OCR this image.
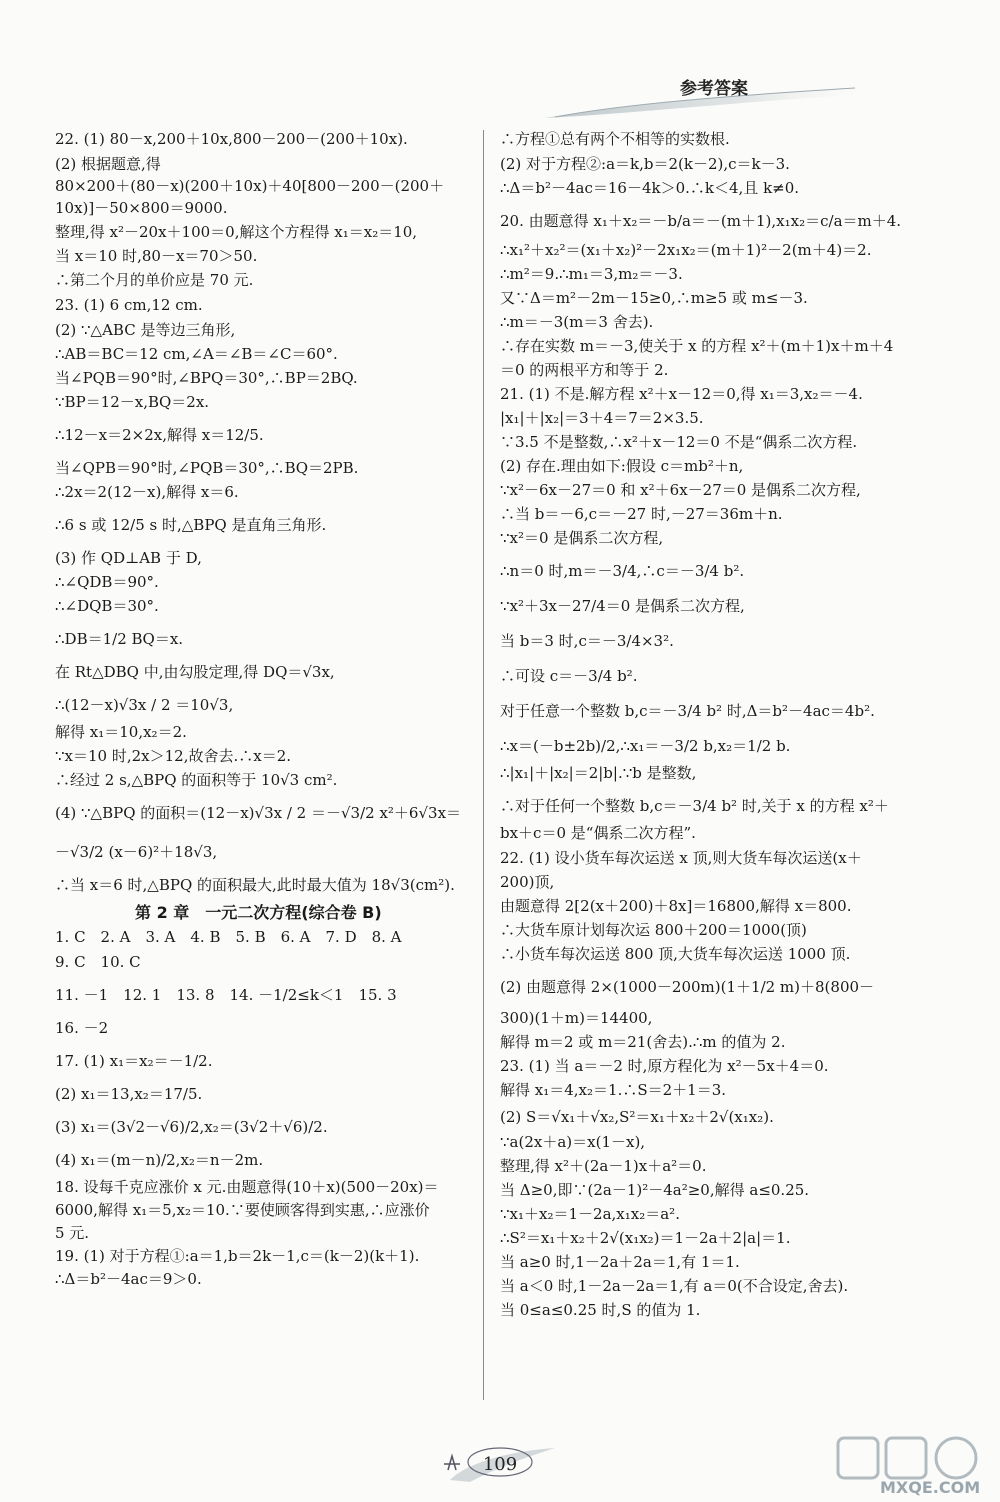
参考答案
22. (1) 80－x,200＋10x,800－200－(200＋10x).
(2) 根据题意,得
80×200＋(80－x)(200＋10x)＋40[800－200－(200＋
10x)]－50×800＝9000.
整理,得 x²－20x＋100＝0,解这个方程得 x₁＝x₂＝10,
当 x＝10 时,80－x＝70＞50.
∴第二个月的单价应是 70 元.
23. (1) 6 cm,12 cm.
(2) ∵△ABC 是等边三角形,
∴AB＝BC＝12 cm,∠A＝∠B＝∠C＝60°.
当∠PQB＝90°时,∠BPQ＝30°,∴BP＝2BQ.
∵BP＝12－x,BQ＝2x.
∴12－x＝2×2x,解得 x＝12/5.
当∠QPB＝90°时,∠PQB＝30°,∴BQ＝2PB.
∴2x＝2(12－x),解得 x＝6.
∴6 s 或 12/5 s 时,△BPQ 是直角三角形.
(3) 作 QD⊥AB 于 D,
∴∠QDB＝90°.
∴∠DQB＝30°.
∴DB＝1/2 BQ＝x.
在 Rt△DBQ 中,由勾股定理,得 DQ＝√3x,
∴(12－x)√3x / 2 ＝10√3,
解得 x₁＝10,x₂＝2.
∵x＝10 时,2x＞12,故舍去.∴x＝2.
∴经过 2 s,△BPQ 的面积等于 10√3 cm².
(4) ∵△BPQ 的面积＝(12－x)√3x / 2 ＝－√3/2 x²＋6√3x＝
－√3/2 (x－6)²＋18√3,
∴当 x＝6 时,△BPQ 的面积最大,此时最大值为 18√3(cm²).
第 2 章　一元二次方程(综合卷 B)
1. C　2. A　3. A　4. B　5. B　6. A　7. D　8. A
9. C　10. C
11. －1　12. 1　13. 8　14. －1/2≤k＜1　15. 3
16. －2
17. (1) x₁＝x₂＝－1/2.
(2) x₁＝13,x₂＝17/5.
(3) x₁＝(3√2－√6)/2,x₂＝(3√2＋√6)/2.
(4) x₁＝(m－n)/2,x₂＝n－2m.
18. 设每千克应涨价 x 元.由题意得(10＋x)(500－20x)＝
6000,解得 x₁＝5,x₂＝10.∵要使顾客得到实惠,∴应涨价
5 元.
19. (1) 对于方程①:a＝1,b＝2k－1,c＝(k－2)(k＋1).
∴Δ＝b²－4ac＝9＞0.
∴方程①总有两个不相等的实数根.
(2) 对于方程②:a＝k,b＝2(k－2),c＝k－3.
∴Δ＝b²－4ac＝16－4k＞0.∴k＜4,且 k≠0.
20. 由题意得 x₁＋x₂＝－b/a＝－(m＋1),x₁x₂＝c/a＝m＋4.
∴x₁²＋x₂²＝(x₁＋x₂)²－2x₁x₂＝(m＋1)²－2(m＋4)＝2.
∴m²＝9.∴m₁＝3,m₂＝－3.
又∵Δ＝m²－2m－15≥0,∴m≥5 或 m≤－3.
∴m＝－3(m＝3 舍去).
∴存在实数 m＝－3,使关于 x 的方程 x²＋(m＋1)x＋m＋4
＝0 的两根平方和等于 2.
21. (1) 不是.解方程 x²＋x－12＝0,得 x₁＝3,x₂＝－4.
|x₁|＋|x₂|＝3＋4＝7＝2×3.5.
∵3.5 不是整数,∴x²＋x－12＝0 不是“偶系二次方程.
(2) 存在.理由如下:假设 c＝mb²＋n,
∵x²－6x－27＝0 和 x²＋6x－27＝0 是偶系二次方程,
∴当 b＝－6,c＝－27 时,－27＝36m＋n.
∵x²＝0 是偶系二次方程,
∴n＝0 时,m＝－3/4,∴c＝－3/4 b².
∵x²＋3x－27/4＝0 是偶系二次方程,
当 b＝3 时,c＝－3/4×3².
∴可设 c＝－3/4 b².
对于任意一个整数 b,c＝－3/4 b² 时,Δ＝b²－4ac＝4b².
∴x＝(－b±2b)/2,∴x₁＝－3/2 b,x₂＝1/2 b.
∴|x₁|＋|x₂|＝2|b|.∵b 是整数,
∴对于任何一个整数 b,c＝－3/4 b² 时,关于 x 的方程 x²＋
bx＋c＝0 是“偶系二次方程”.
22. (1) 设小货车每次运送 x 顶,则大货车每次运送(x＋
200)顶,
由题意得 2[2(x＋200)＋8x]＝16800,解得 x＝800.
∴大货车原计划每次运 800＋200＝1000(顶)
∴小货车每次运送 800 顶,大货车每次运送 1000 顶.
(2) 由题意得 2×(1000－200m)(1＋1/2 m)＋8(800－
300)(1＋m)＝14400,
解得 m＝2 或 m＝21(舍去).∴m 的值为 2.
23. (1) 当 a＝－2 时,原方程化为 x²－5x＋4＝0.
解得 x₁＝4,x₂＝1.∴S＝2＋1＝3.
(2) S＝√x₁＋√x₂,S²＝x₁＋x₂＋2√(x₁x₂).
∵a(2x＋a)＝x(1－x),
整理,得 x²＋(2a－1)x＋a²＝0.
当 Δ≥0,即∵(2a－1)²－4a²≥0,解得 a≤0.25.
∵x₁＋x₂＝1－2a,x₁x₂＝a².
∴S²＝x₁＋x₂＋2√(x₁x₂)＝1－2a＋2|a|＝1.
当 a≥0 时,1－2a＋2a＝1,有 1＝1.
当 a＜0 时,1－2a－2a＝1,有 a＝0(不合设定,舍去).
当 0≤a≤0.25 时,S 的值为 1.
109
MXQE.COM
